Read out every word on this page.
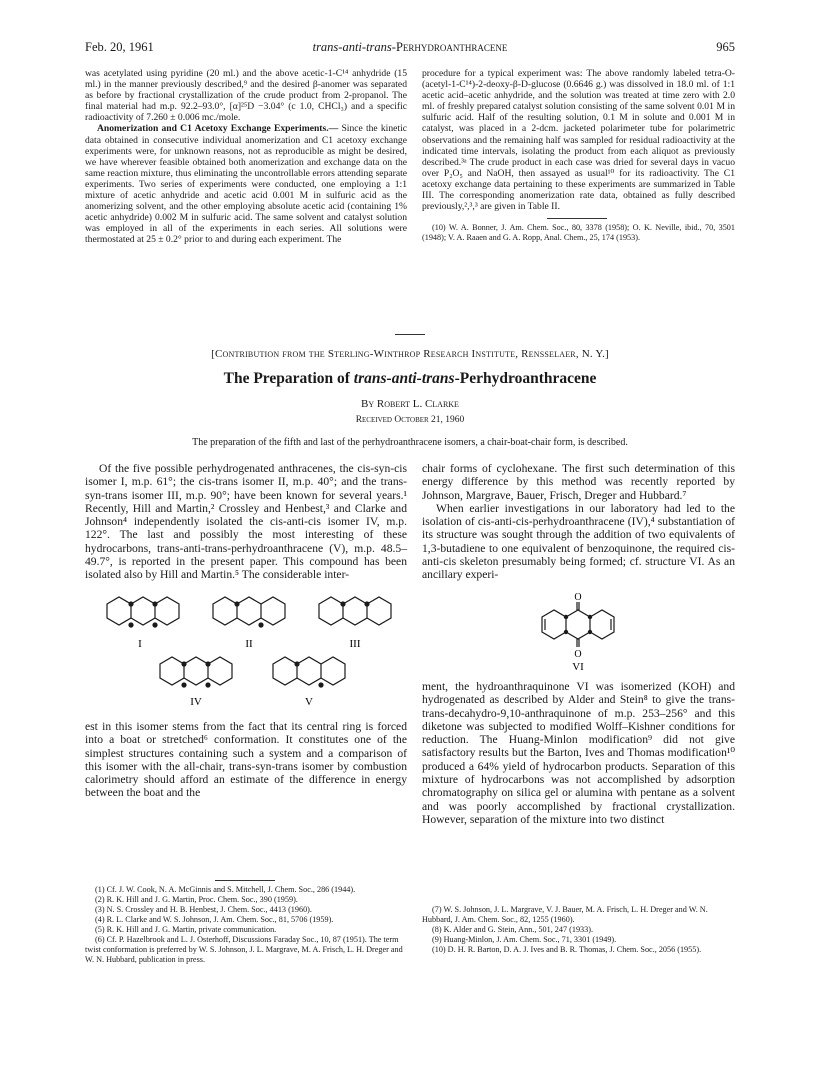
Feb. 20, 1961	trans-anti-trans-Perhydroanthracene	965

was acetylated using pyridine (20 ml.) and the above acetic-1-C¹⁴ anhydride (15 ml.) in the manner previously described,⁹ and the desired β-anomer was separated as before by fractional crystallization of the crude product from 2-propanol. The final material had m.p. 92.2–93.0°, [α]²⁵D −3.04° (c 1.0, CHCl₃) and a specific radioactivity of 7.260 ± 0.006 mc./mole.

Anomerization and C1 Acetoxy Exchange Experiments.— Since the kinetic data obtained in consecutive individual anomerization and C1 acetoxy exchange experiments were, for unknown reasons, not as reproducible as might be desired, we have wherever feasible obtained both anomerization and exchange data on the same reaction mixture, thus eliminating the uncontrollable errors attending separate experiments. Two series of experiments were conducted, one employing a 1:1 mixture of acetic anhydride and acetic acid 0.001 M in sulfuric acid as the anomerizing solvent, and the other employing absolute acetic acid (containing 1% acetic anhydride) 0.002 M in sulfuric acid. The same solvent and catalyst solution was employed in all of the experiments in each series. All solutions were thermostated at 25 ± 0.2° prior to and during each experiment. The

procedure for a typical experiment was: The above randomly labeled tetra-O-(acetyl-1-C¹⁴)-2-deoxy-β-D-glucose (0.6646 g.) was dissolved in 18.0 ml. of 1:1 acetic acid–acetic anhydride, and the solution was treated at time zero with 2.0 ml. of freshly prepared catalyst solution consisting of the same solvent 0.01 M in sulfuric acid. Half of the resulting solution, 0.1 M in solute and 0.001 M in catalyst, was placed in a 2-dcm. jacketed polarimeter tube for polarimetric observations and the remaining half was sampled for residual radioactivity at the indicated time intervals, isolating the product from each aliquot as previously described.³ᵃ The crude product in each case was dried for several days in vacuo over P₂O₅ and NaOH, then assayed as usual¹⁰ for its radioactivity. The C1 acetoxy exchange data pertaining to these experiments are summarized in Table III. The corresponding anomerization rate data, obtained as fully described previously,²,³,³ are given in Table II.

(10) W. A. Bonner, J. Am. Chem. Soc., 80, 3378 (1958); O. K. Neville, ibid., 70, 3501 (1948); V. A. Raaen and G. A. Ropp, Anal. Chem., 25, 174 (1953).

[Contribution from the Sterling-Winthrop Research Institute, Rensselaer, N. Y.]
The Preparation of trans-anti-trans-Perhydroanthracene
By Robert L. Clarke
Received October 21, 1960
The preparation of the fifth and last of the perhydroanthracene isomers, a chair-boat-chair form, is described.

Of the five possible perhydrogenated anthracenes, the cis-syn-cis isomer I, m.p. 61°; the cis-trans isomer II, m.p. 40°; and the trans-syn-trans isomer III, m.p. 90°; have been known for several years.¹ Recently, Hill and Martin,² Crossley and Henbest,³ and Clarke and Johnson⁴ independently isolated the cis-anti-cis isomer IV, m.p. 122°. The last and possibly the most interesting of these hydrocarbons, trans-anti-trans-perhydroanthracene (V), m.p. 48.5–49.7°, is reported in the present paper. This compound has been isolated also by Hill and Martin.⁵ The considerable inter-

chair forms of cyclohexane. The first such determination of this energy difference by this method was recently reported by Johnson, Margrave, Bauer, Frisch, Dreger and Hubbard.⁷

When earlier investigations in our laboratory had led to the isolation of cis-anti-cis-perhydroanthracene (IV),⁴ substantiation of its structure was sought through the addition of two equivalents of 1,3-butadiene to one equivalent of benzoquinone, the required cis-anti-cis skeleton presumably being formed; cf. structure VI. As an ancillary experi-

I	II	III
IV	V
O
O
VI

est in this isomer stems from the fact that its central ring is forced into a boat or stretched⁶ conformation. It constitutes one of the simplest structures containing such a system and a comparison of this isomer with the all-chair, trans-syn-trans isomer by combustion calorimetry should afford an estimate of the difference in energy between the boat and the

ment, the hydroanthraquinone VI was isomerized (KOH) and hydrogenated as described by Alder and Stein⁸ to give the trans-trans-decahydro-9,10-anthraquinone of m.p. 253–256° and this diketone was subjected to modified Wolff–Kishner conditions for reduction. The Huang-Minlon modification⁹ did not give satisfactory results but the Barton, Ives and Thomas modification¹⁰ produced a 64% yield of hydrocarbon products. Separation of this mixture of hydrocarbons was not accomplished by adsorption chromatography on silica gel or alumina with pentane as a solvent and was poorly accomplished by fractional crystallization. However, separation of the mixture into two distinct

(1) Cf. J. W. Cook, N. A. McGinnis and S. Mitchell, J. Chem. Soc., 286 (1944).

(2) R. K. Hill and J. G. Martin, Proc. Chem. Soc., 390 (1959).

(3) N. S. Crossley and H. B. Henbest, J. Chem. Soc., 4413 (1960).

(4) R. L. Clarke and W. S. Johnson, J. Am. Chem. Soc., 81, 5706 (1959).

(5) R. K. Hill and J. G. Martin, private communication.

(6) Cf. P. Hazelbrook and L. J. Osterhoff, Discussions Faraday Soc., 10, 87 (1951). The term twist conformation is preferred by W. S. Johnson, J. L. Margrave, M. A. Frisch, L. H. Dreger and W. N. Hubbard, publication in press.

(7) W. S. Johnson, J. L. Margrave, V. J. Bauer, M. A. Frisch, L. H. Dreger and W. N. Hubbard, J. Am. Chem. Soc., 82, 1255 (1960).

(8) K. Alder and G. Stein, Ann., 501, 247 (1933).

(9) Huang-Minlon, J. Am. Chem. Soc., 71, 3301 (1949).

(10) D. H. R. Barton, D. A. J. Ives and B. R. Thomas, J. Chem. Soc., 2056 (1955).
